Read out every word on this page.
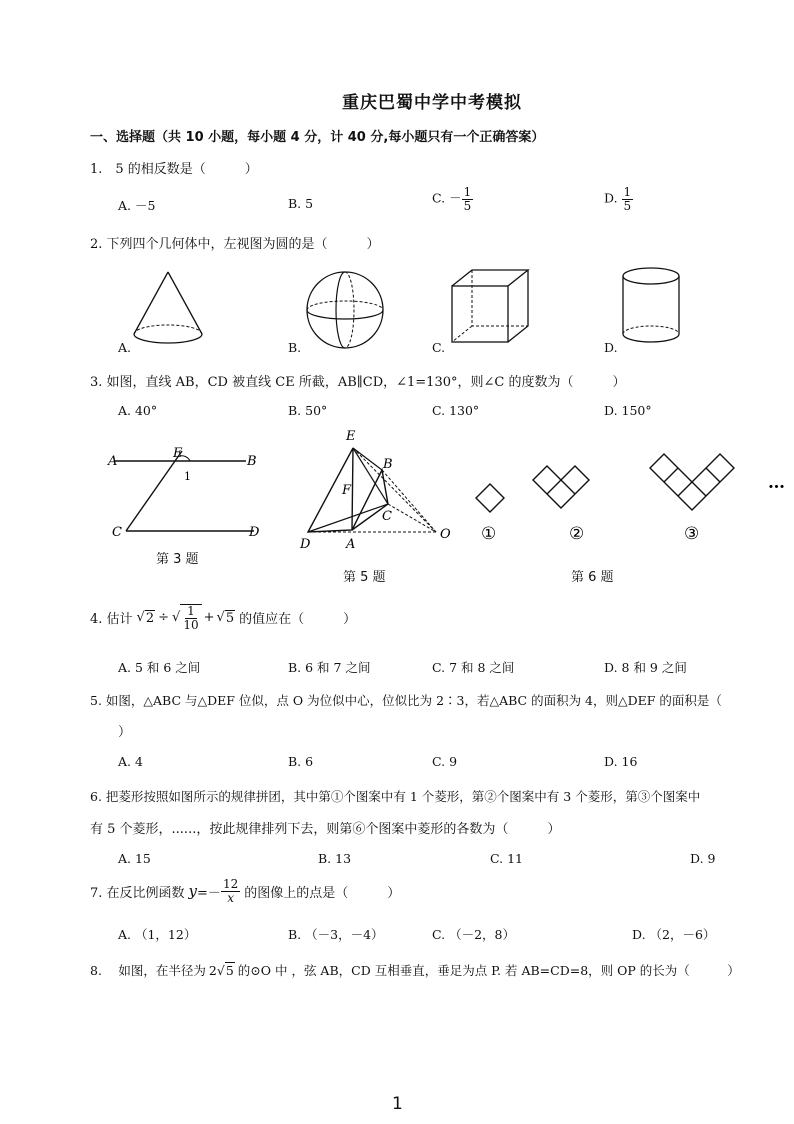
重庆巴蜀中学中考模拟
一、选择题（共 10 小题，每小题 4 分，计 40 分,每小题只有一个正确答案）
1.　5 的相反数是（　　　）
A. －5	B. 5	C. － $\frac{1}{5}$	D. $\frac{1}{5}$
2. 下列四个几何体中，左视图为圆的是（　　　）
A.	B.	C.	D.
3. 如图，直线 AB，CD 被直线 CE 所截，AB∥CD，∠1=130°，则∠C 的度数为（　　　）
A. 40°	B. 50°	C. 130°	D. 150°
A
E
B
1
C	D
第 3 题
E
B
F
C
D	A
O
第 5 题
①	②	③
…
第 6 题
4. 估计 √ 2 ÷ √ $\frac{1}{10}$ + √ 5 的值应在（　　　）
A. 5 和 6 之间	B. 6 和 7 之间	C. 7 和 8 之间	D. 8 和 9 之间
5. 如图，△ABC 与△DEF 位似，点 O 为位似中心，位似比为 2∶3，若△ABC 的面积为 4，则△DEF 的面积是（
）
A. 4	B. 6	C. 9	D. 16
6. 把菱形按照如图所示的规律拼团，其中第①个图案中有 1 个菱形，第②个图案中有 3 个菱形，第③个图案中
有 5 个菱形，......，按此规律排列下去，则第⑥个图案中菱形的各数为（　　　）
A. 15	B. 13	C. 11	D. 9
7. 在反比例函数 $y =- \frac{12}{x}$ 的图像上的点是（　　　）
A. （1，12）	B. （－3，－4）	C. （－2，8）	D. （2，－6）
8.　 如图，在半径为 2 √ 5 的⊙O 中 ，弦 AB，CD 互相垂直，垂足为点 P. 若 AB=CD=8，则 OP 的长为（　　　）
1
